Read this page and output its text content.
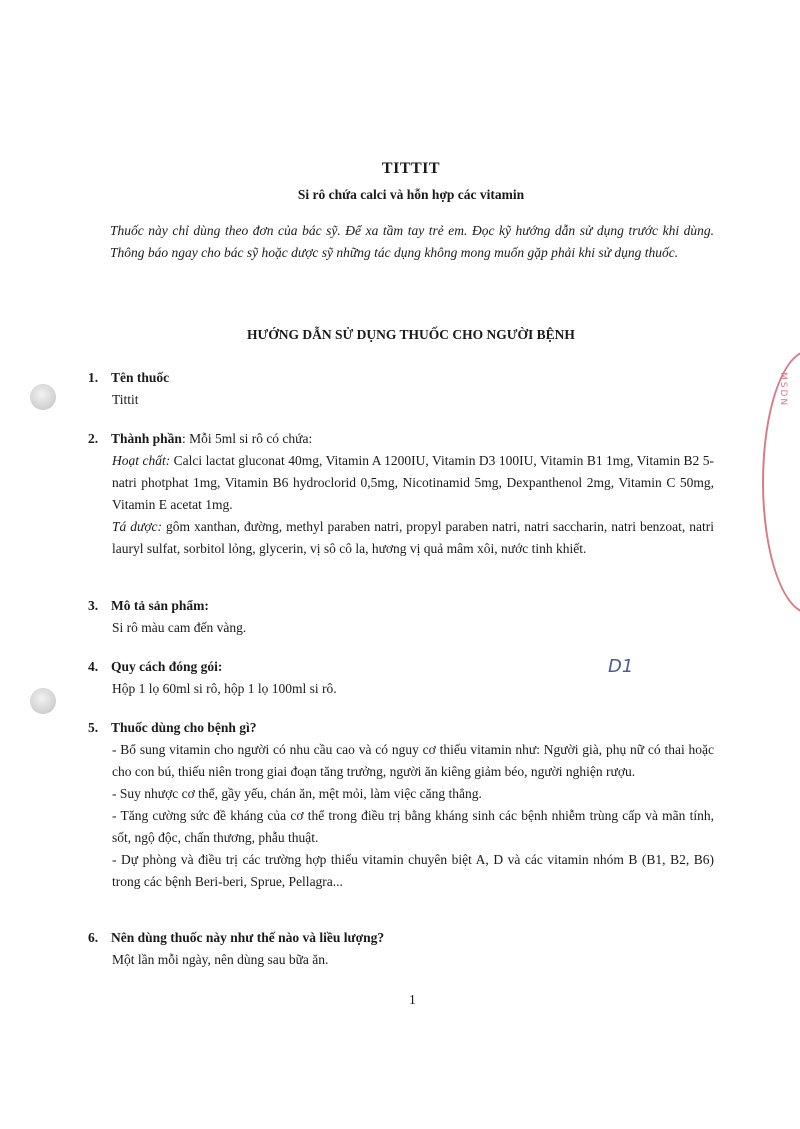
MSDN
D1
TITTIT
Si rô chứa calci và hỗn hợp các vitamin
Thuốc này chỉ dùng theo đơn của bác sỹ. Để xa tầm tay trẻ em. Đọc kỹ hướng dẫn sử dụng trước khi dùng. Thông báo ngay cho bác sỹ hoặc dược sỹ những tác dụng không mong muốn gặp phải khi sử dụng thuốc.
HƯỚNG DẪN SỬ DỤNG THUỐC CHO NGƯỜI BỆNH
1. Tên thuốc
Tittit
2. Thành phần: Mỗi 5ml si rô có chứa:
Hoạt chất: Calci lactat gluconat 40mg, Vitamin A 1200IU, Vitamin D3 100IU, Vitamin B1 1mg, Vitamin B2 5-natri photphat 1mg, Vitamin B6 hydroclorid 0,5mg, Nicotinamid 5mg, Dexpanthenol 2mg, Vitamin C 50mg, Vitamin E acetat 1mg.
Tá dược: gôm xanthan, đường, methyl paraben natri, propyl paraben natri, natri saccharin, natri benzoat, natri lauryl sulfat, sorbitol lỏng, glycerin, vị sô cô la, hương vị quả mâm xôi, nước tinh khiết.
3. Mô tả sản phẩm:
Si rô màu cam đến vàng.
4. Quy cách đóng gói:
Hộp 1 lọ 60ml si rô, hộp 1 lọ 100ml si rô.
5. Thuốc dùng cho bệnh gì?
- Bổ sung vitamin cho người có nhu cầu cao và có nguy cơ thiếu vitamin như: Người già, phụ nữ có thai hoặc cho con bú, thiếu niên trong giai đoạn tăng trưởng, người ăn kiêng giảm béo, người nghiện rượu.
- Suy nhược cơ thể, gầy yếu, chán ăn, mệt mỏi, làm việc căng thẳng.
- Tăng cường sức đề kháng của cơ thể trong điều trị bằng kháng sinh các bệnh nhiễm trùng cấp và mãn tính, sốt, ngộ độc, chấn thương, phẫu thuật.
- Dự phòng và điều trị các trường hợp thiếu vitamin chuyên biệt A, D và các vitamin nhóm B (B1, B2, B6) trong các bệnh Beri-beri, Sprue, Pellagra...
6. Nên dùng thuốc này như thế nào và liều lượng?
Một lần mỗi ngày, nên dùng sau bữa ăn.
1
